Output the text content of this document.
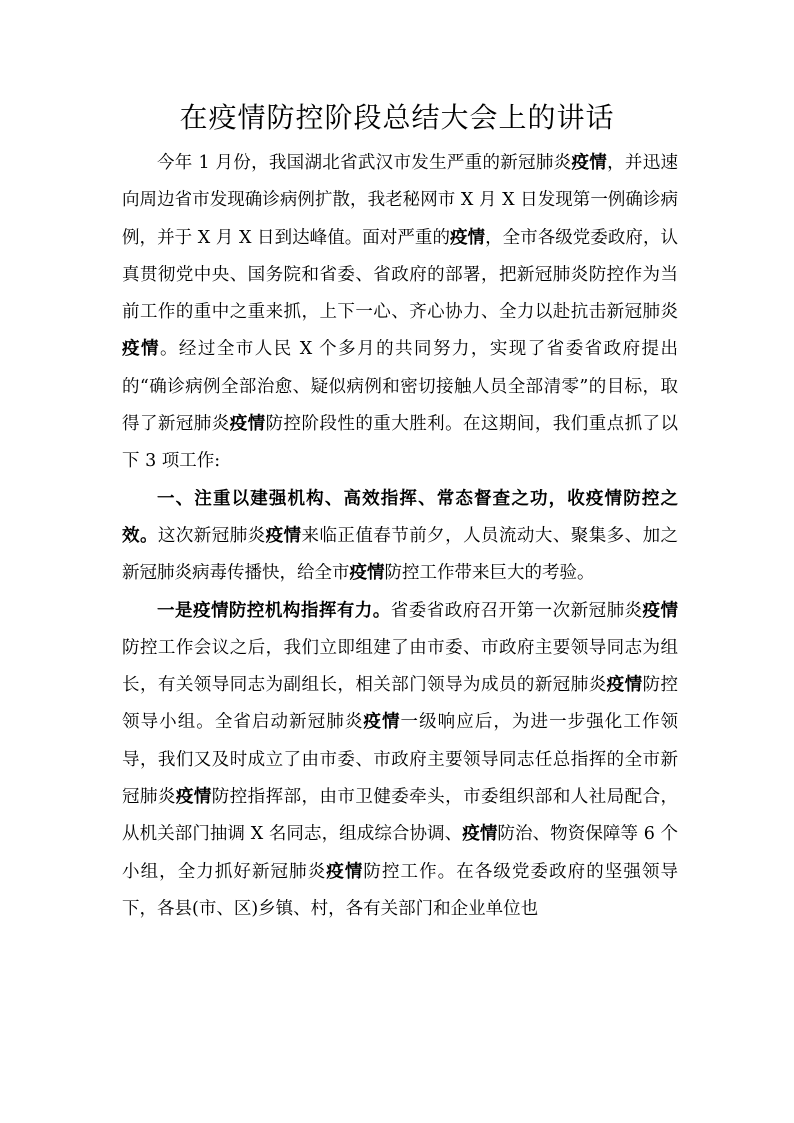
在疫情防控阶段总结大会上的讲话

今年 1 月份，我国湖北省武汉市发生严重的新冠肺炎疫情，并迅速向周边省市发现确诊病例扩散，我老秘网市 X 月 X 日发现第一例确诊病例，并于 X 月 X 日到达峰值。面对严重的疫情，全市各级党委政府，认真贯彻党中央、国务院和省委、省政府的部署，把新冠肺炎防控作为当前工作的重中之重来抓，上下一心、齐心协力、全力以赴抗击新冠肺炎疫情。经过全市人民 X 个多月的共同努力，实现了省委省政府提出的“确诊病例全部治愈、疑似病例和密切接触人员全部清零”的目标，取得了新冠肺炎疫情防控阶段性的重大胜利。在这期间，我们重点抓了以下 3 项工作:

一、注重以建强机构、高效指挥、常态督查之功，收疫情防控之效。这次新冠肺炎疫情来临正值春节前夕，人员流动大、聚集多、加之新冠肺炎病毒传播快，给全市疫情防控工作带来巨大的考验。

一是疫情防控机构指挥有力。省委省政府召开第一次新冠肺炎疫情防控工作会议之后，我们立即组建了由市委、市政府主要领导同志为组长，有关领导同志为副组长，相关部门领导为成员的新冠肺炎疫情防控领导小组。全省启动新冠肺炎疫情一级响应后，为进一步强化工作领导，我们又及时成立了由市委、市政府主要领导同志任总指挥的全市新冠肺炎疫情防控指挥部，由市卫健委牵头，市委组织部和人社局配合，从机关部门抽调 X 名同志，组成综合协调、疫情防治、物资保障等 6 个小组，全力抓好新冠肺炎疫情防控工作。在各级党委政府的坚强领导下，各县(市、区)乡镇、村，各有关部门和企业单位也
